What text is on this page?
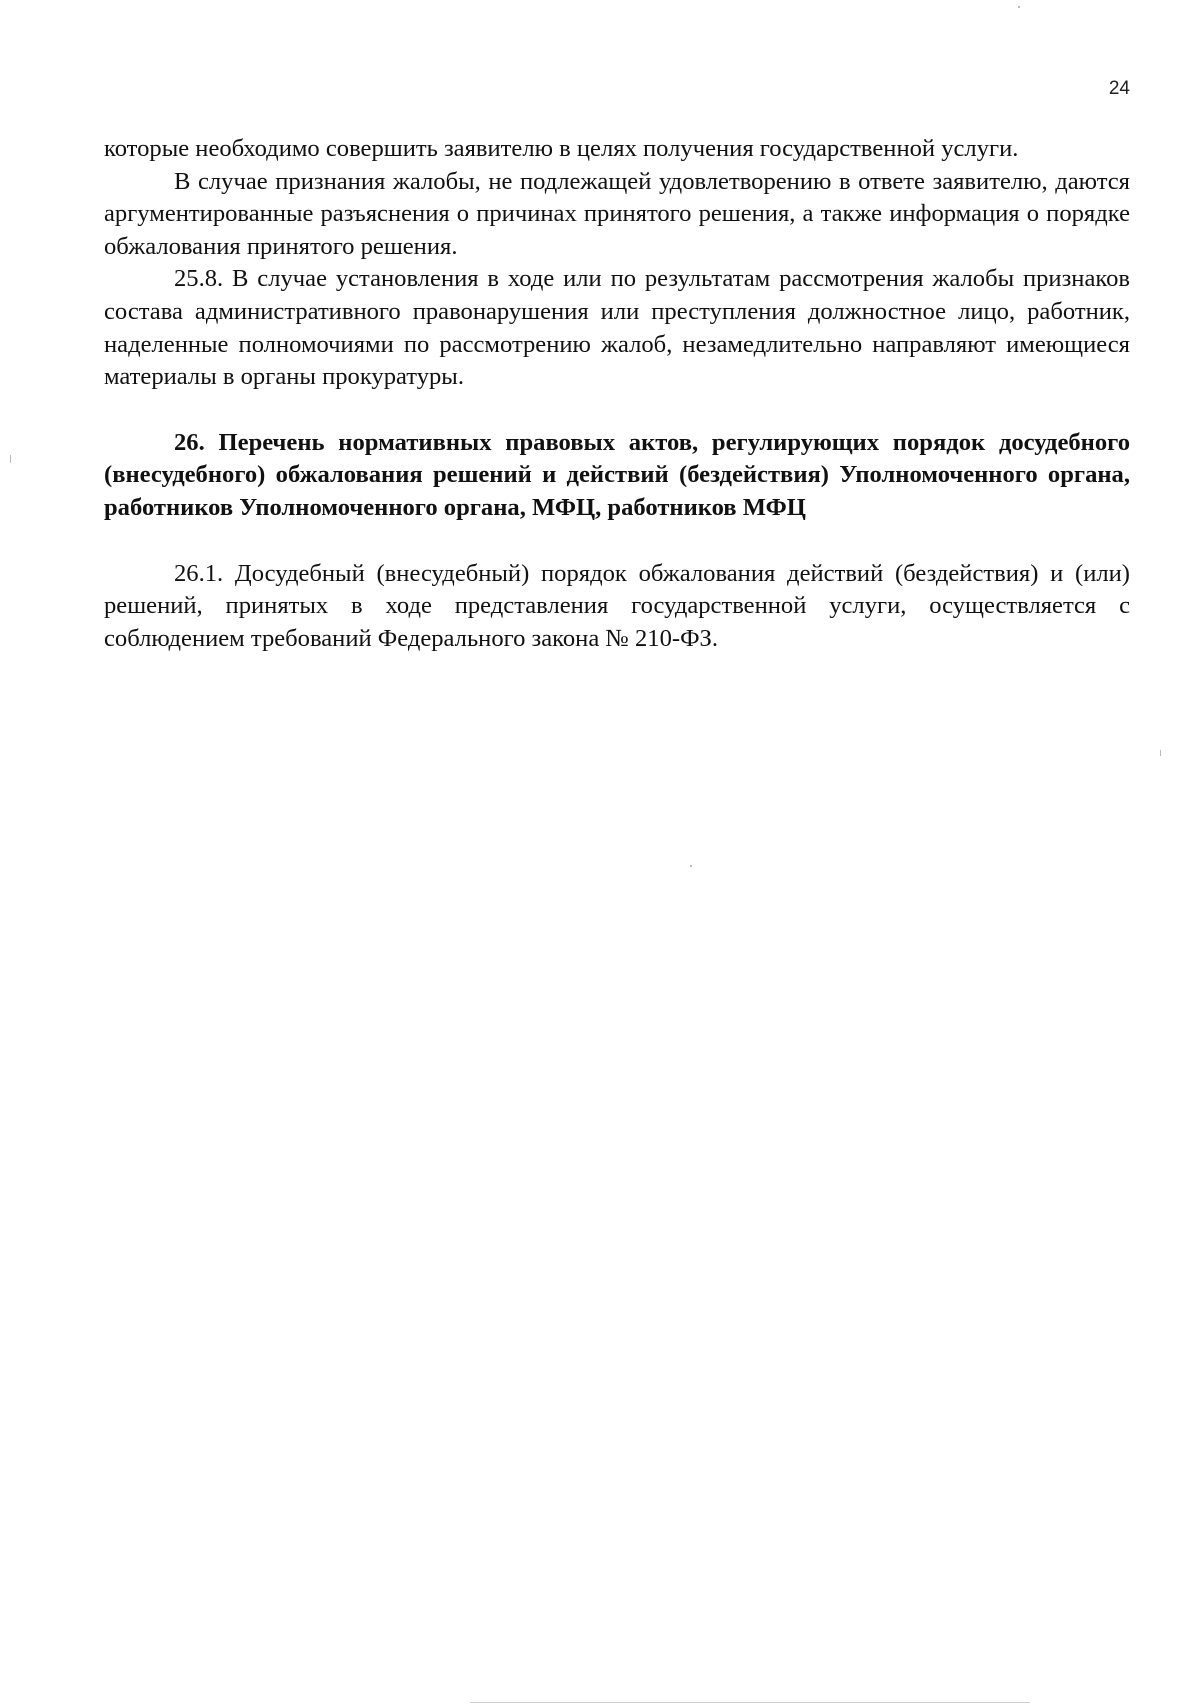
24

которые необходимо совершить заявителю в целях получения государственной услуги.

В случае признания жалобы, не подлежащей удовлетворению в ответе заявителю, даются аргументированные разъяснения о причинах принятого решения, а также информация о порядке обжалования принятого решения.

25.8. В случае установления в ходе или по результатам рассмотрения жалобы признаков состава административного правонарушения или преступления должностное лицо, работник, наделенные полномочиями по рассмотрению жалоб, незамедлительно направляют имеющиеся материалы в органы прокуратуры.

26. Перечень нормативных правовых актов, регулирующих порядок досудебного (внесудебного) обжалования решений и действий (бездействия) Уполномоченного органа, работников Уполномоченного органа, МФЦ, работников МФЦ

26.1. Досудебный (внесудебный) порядок обжалования действий (бездействия) и (или) решений, принятых в ходе представления государственной услуги, осуществляется с соблюдением требований Федерального закона № 210-ФЗ.
